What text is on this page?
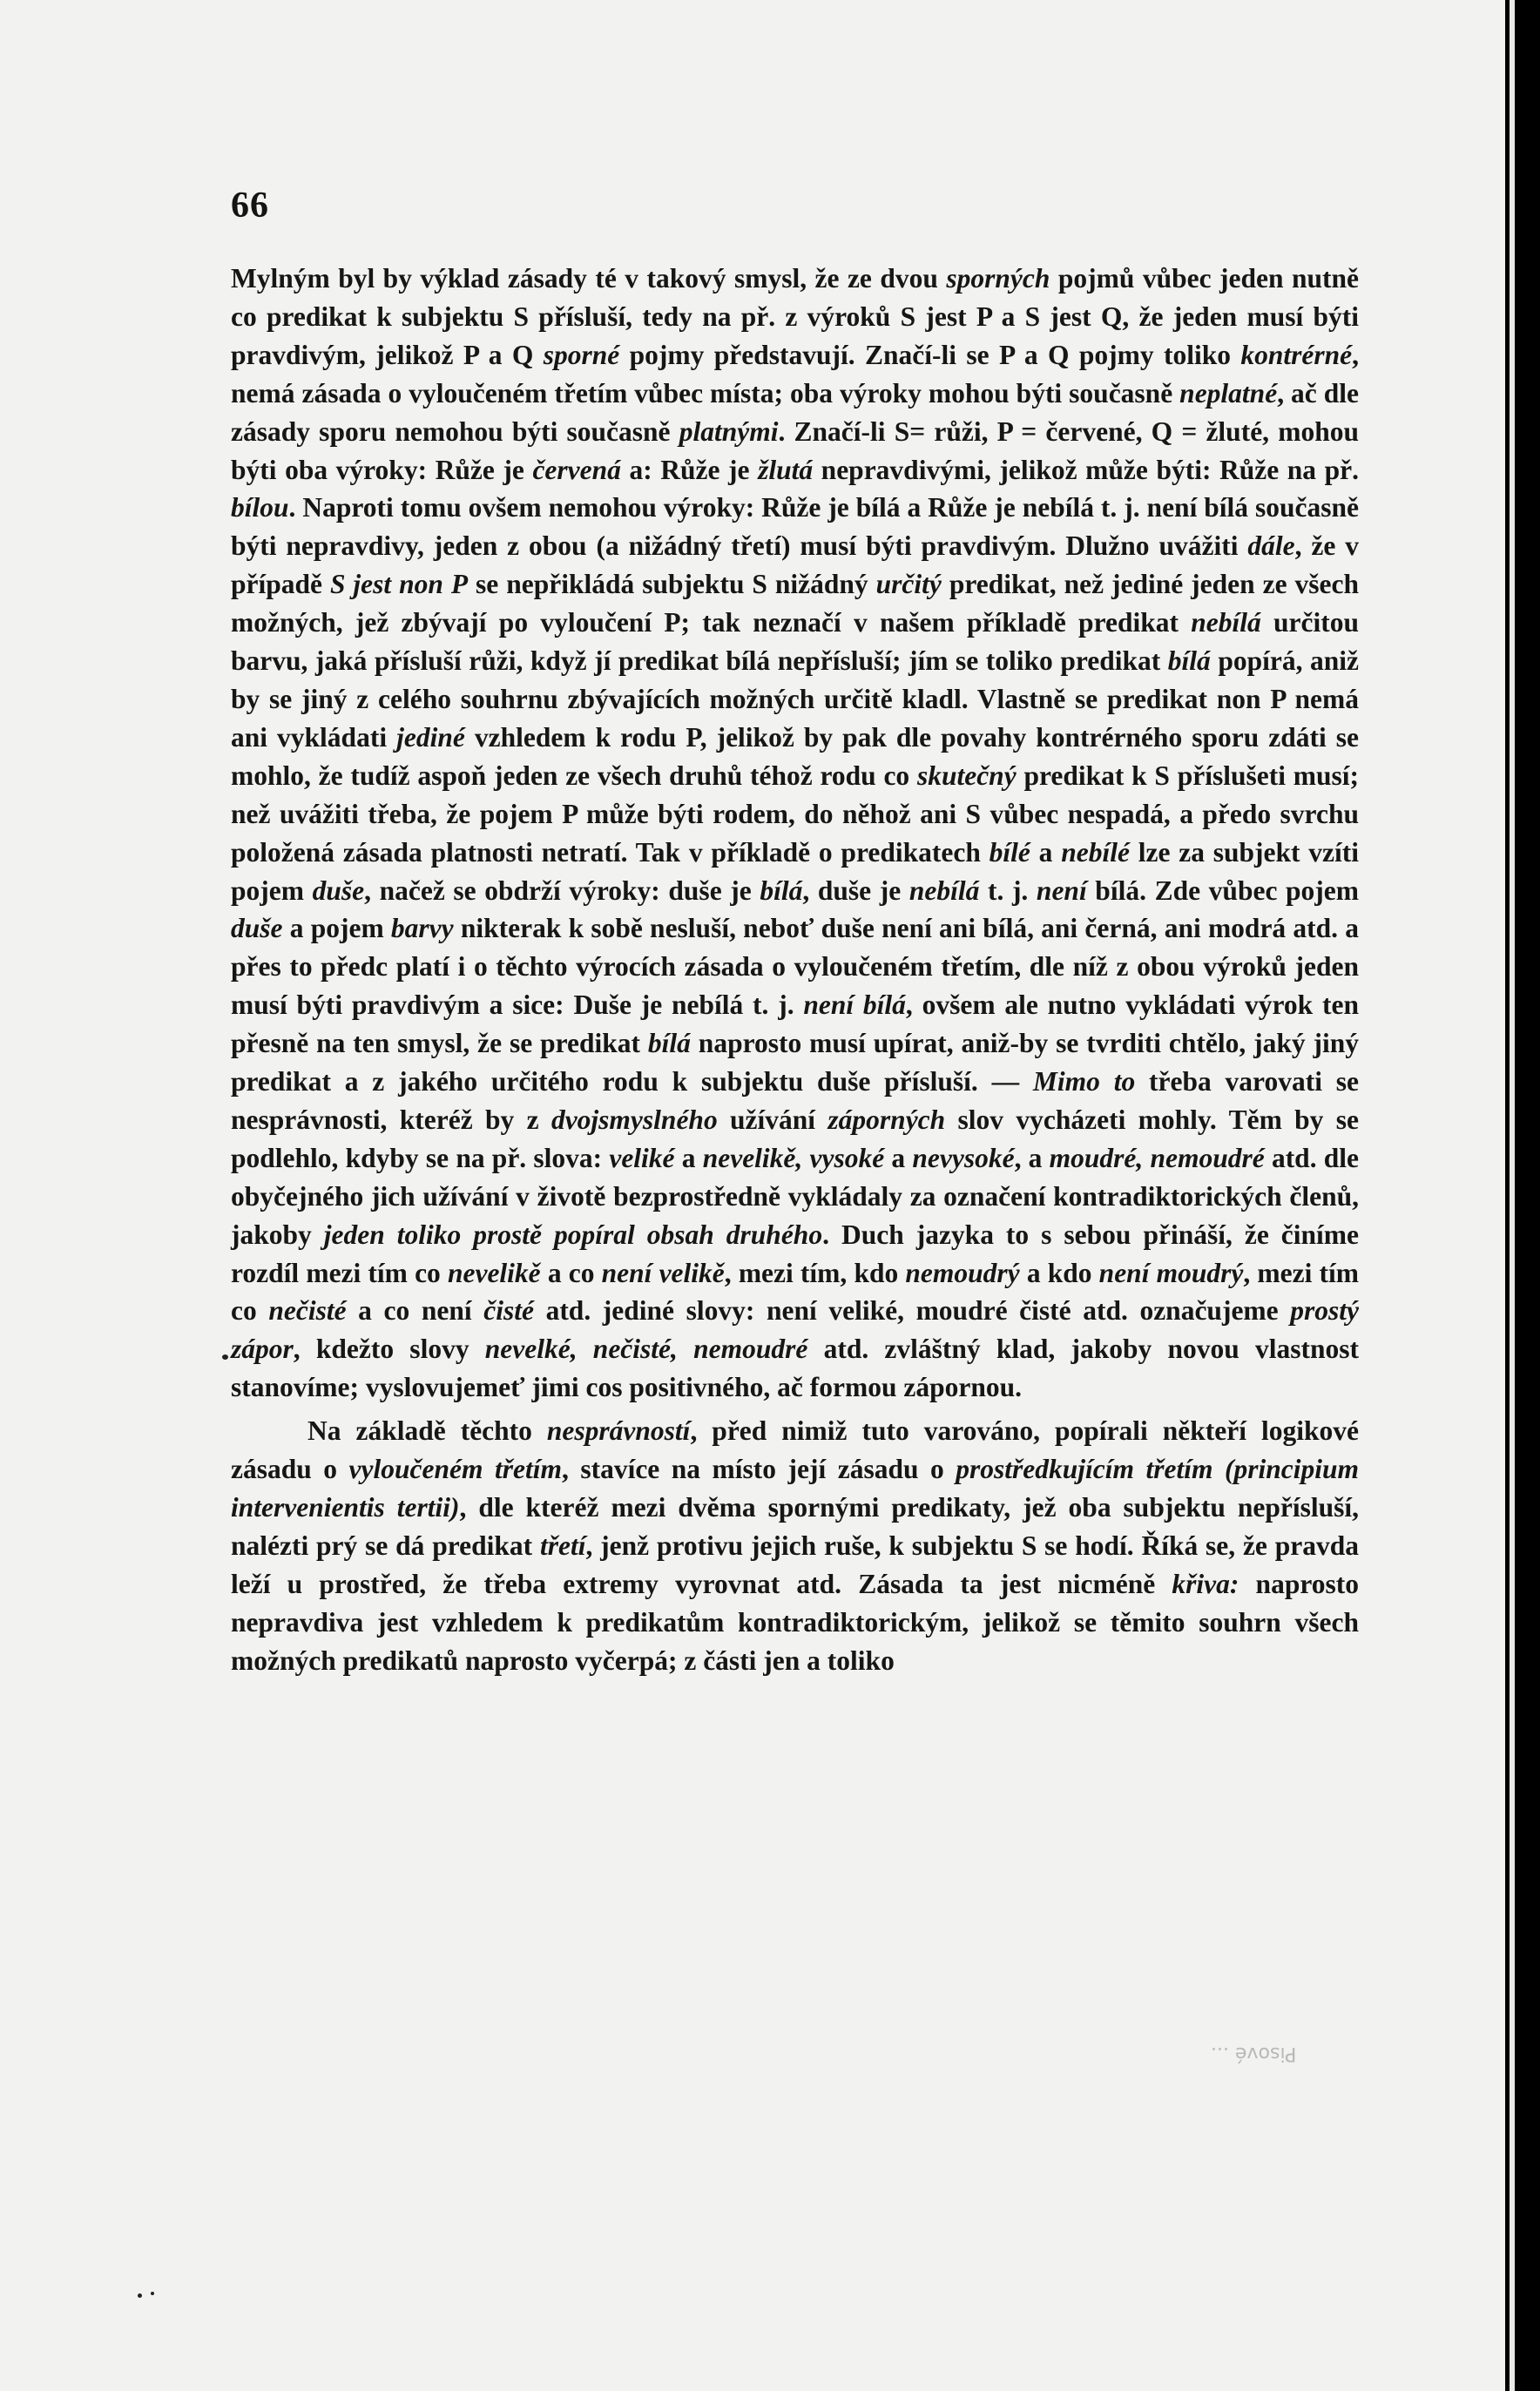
66

Mylným byl by výklad zásady té v takový smysl, že ze dvou sporných pojmů vůbec jeden nutně co predikat k subjektu S přísluší, tedy na př. z výroků S jest P a S jest Q, že jeden musí býti pravdivým, jelikož P a Q sporné pojmy představují. Značí-li se P a Q pojmy toliko kontrérné, nemá zásada o vyloučeném třetím vůbec místa; oba výroky mohou býti současně neplatné, ač dle zásady sporu nemohou býti současně platnými. Značí-li S= růži, P = červené, Q = žluté, mohou býti oba výroky: Růže je červená a: Růže je žlutá nepravdivými, jelikož může býti: Růže na př. bílou. Naproti tomu ovšem nemohou výroky: Růže je bílá a Růže je nebílá t. j. není bílá současně býti nepravdivy, jeden z obou (a nižádný třetí) musí býti pravdivým. Dlužno uvážiti dále, že v případě S jest non P se nepřikládá subjektu S nižádný určitý predikat, než jediné jeden ze všech možných, jež zbývají po vyloučení P; tak neznačí v našem příkladě predikat nebílá určitou barvu, jaká přísluší růži, když jí predikat bílá nepřísluší; jím se toliko predikat bílá popírá, aniž by se jiný z celého souhrnu zbývajících možných určitě kladl. Vlastně se predikat non P nemá ani vykládati jediné vzhledem k rodu P, jelikož by pak dle povahy kontrérného sporu zdáti se mohlo, že tudíž aspoň jeden ze všech druhů téhož rodu co skutečný predikat k S příslušeti musí; než uvážiti třeba, že pojem P může býti rodem, do něhož ani S vůbec nespadá, a předo svrchu položená zásada platnosti netratí. Tak v příkladě o predikatech bílé a nebílé lze za subjekt vzíti pojem duše, načež se obdrží výroky: duše je bílá, duše je nebílá t. j. není bílá. Zde vůbec pojem duše a pojem barvy nikterak k sobě nesluší, neboť duše není ani bílá, ani černá, ani modrá atd. a přes to předc platí i o těchto výrocích zásada o vyloučeném třetím, dle níž z obou výroků jeden musí býti pravdivým a sice: Duše je nebílá t. j. není bílá, ovšem ale nutno vykládati výrok ten přesně na ten smysl, že se predikat bílá naprosto musí upírat, aniž-by se tvrditi chtělo, jaký jiný predikat a z jakého určitého rodu k subjektu duše přísluší. — Mimo to třeba varovati se nesprávnosti, kteréž by z dvojsmyslného užívání záporných slov vycházeti mohly. Těm by se podlehlo, kdyby se na př. slova: veliké a nevelikě, vysoké a nevysoké, a moudré, nemoudré atd. dle obyčejného jich užívání v životě bezprostředně vykládaly za označení kontradiktorických členů, jakoby jeden toliko prostě popíral obsah druhého. Duch jazyka to s sebou přináší, že činíme rozdíl mezi tím co nevelikě a co není velikě, mezi tím, kdo nemoudrý a kdo není moudrý, mezi tím co nečisté a co není čisté atd. jediné slovy: není veliké, moudré čisté atd. označujeme prostý zápor, kdežto slovy nevelké, nečisté, nemoudré atd. zvláštný klad, jakoby novou vlastnost stanovíme; vyslovujemeť jimi cos positivného, ač formou zápornou.

Na základě těchto nesprávností, před nimiž tuto varováno, popírali někteří logikové zásadu o vyloučeném třetím, stavíce na místo její zásadu o prostředkujícím třetím (principium intervenientis tertii), dle kteréž mezi dvěma spornými predikaty, jež oba subjektu nepřísluší, nalézti prý se dá predikat třetí, jenž protivu jejich ruše, k subjektu S se hodí. Říká se, že pravda leží u prostřed, že třeba extremy vyrovnat atd. Zásada ta jest nicméně křiva: naprosto nepravdiva jest vzhledem k predikatům kontradiktorickým, jelikož se těmito souhrn všech možných predikatů naprosto vyčerpá; z části jen a toliko

Pisové ...
